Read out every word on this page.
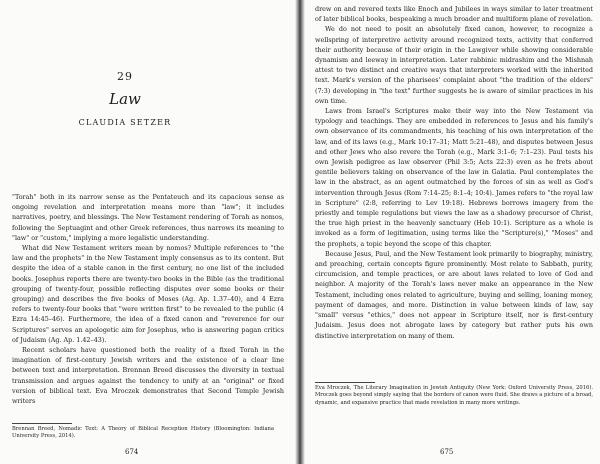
29
Law
CLAUDIA SETZER

"Torah" both in its narrow sense as the Pentateuch and its capacious sense as ongoing revelation and interpretation means more than "law"; it includes narratives, poetry, and blessings. The New Testament rendering of Torah as nomos, following the Septuagint and other Greek references, thus narrows its meaning to "law" or "custom," implying a more legalistic understanding.

What did New Testament writers mean by nomos? Multiple references to "the law and the prophets" in the New Testament imply consensus as to its content. But despite the idea of a stable canon in the first century, no one list of the included books. Josephus reports there are twenty-two books in the Bible (as the traditional grouping of twenty-four, possible reflecting disputes over some books or their grouping) and describes the five books of Moses (Ag. Ap. 1.37–40), and 4 Ezra refers to twenty-four books that "were written first" to be revealed to the public (4 Ezra 14:45–46). Furthermore, the idea of a fixed canon and "reverence for our Scriptures" serves an apologetic aim for Josephus, who is answering pagan critics of Judaism (Ag. Ap. 1.42–43).

Recent scholars have questioned both the reality of a fixed Torah in the imagination of first-century Jewish writers and the existence of a clear line between text and interpretation. Brennan Breed discusses the diversity in textual transmission and argues against the tendency to unify at an "original" or fixed version of biblical text. Eva Mroczek demonstrates that Second Temple Jewish writers

Brennan Breed, Nomadic Text: A Theory of Biblical Reception History (Bloomington: Indiana University Press, 2014).
674

drew on and revered texts like Enoch and Jubilees in ways similar to later treatment of later biblical books, bespeaking a much broader and multiform plane of revelation.

We do not need to posit an absolutely fixed canon, however, to recognize a wellspring of interpretive activity around recognized texts, activity that conferred their authority because of their origin in the Lawgiver while showing considerable dynamism and leeway in interpretation. Later rabbinic midrashim and the Mishnah attest to two distinct and creative ways that interpreters worked with the inherited text. Mark's version of the pharisees' complaint about "the tradition of the elders" (7:3) developing in "the text" further suggests he is aware of similar practices in his own time.

Laws from Israel's Scriptures make their way into the New Testament via typology and teachings. They are embedded in references to Jesus and his family's own observance of its commandments, his teaching of his own interpretation of the law, and of its laws (e.g., Mark 10:17–31; Matt 5:21–48), and disputes between Jesus and other Jews who also revere the Torah (e.g., Mark 3:1–6; 7:1–23). Paul tests his own Jewish pedigree as law observer (Phil 3:5; Acts 22:3) even as he frets about gentile believers taking on observance of the law in Galatia. Paul contemplates the law in the abstract, as an agent outmatched by the forces of sin as well as God's intervention through Jesus (Rom 7:14–25; 8:1–4; 10:4). James refers to "the royal law in Scripture" (2:8, referring to Lev 19:18). Hebrews borrows imagery from the priestly and temple regulations but views the law as a shadowy precursor of Christ, the true high priest in the heavenly sanctuary (Heb 10:1). Scripture as a whole is invoked as a form of legitimation, using terms like the "Scripture(s)," "Moses" and the prophets, a topic beyond the scope of this chapter.

Because Jesus, Paul, and the New Testament look primarily to biography, ministry, and preaching, certain concepts figure prominently. Most relate to Sabbath, purity, circumcision, and temple practices, or are about laws related to love of God and neighbor. A majority of the Torah's laws never make an appearance in the New Testament, including ones related to agriculture, buying and selling, loaning money, payment of damages, and more. Distinction in value between kinds of law, say "small" versus "ethics," does not appear in Scripture itself, nor is first-century Judaism. Jesus does not abrogate laws by category but rather puts his own distinctive interpretation on many of them.

Eva Mroczek, The Literary Imagination in Jewish Antiquity (New York: Oxford University Press, 2016). Mroczek goes beyond simply saying that the borders of canon were fluid. She draws a picture of a broad, dynamic, and expansive practice that made revelation in many more writings.
675
